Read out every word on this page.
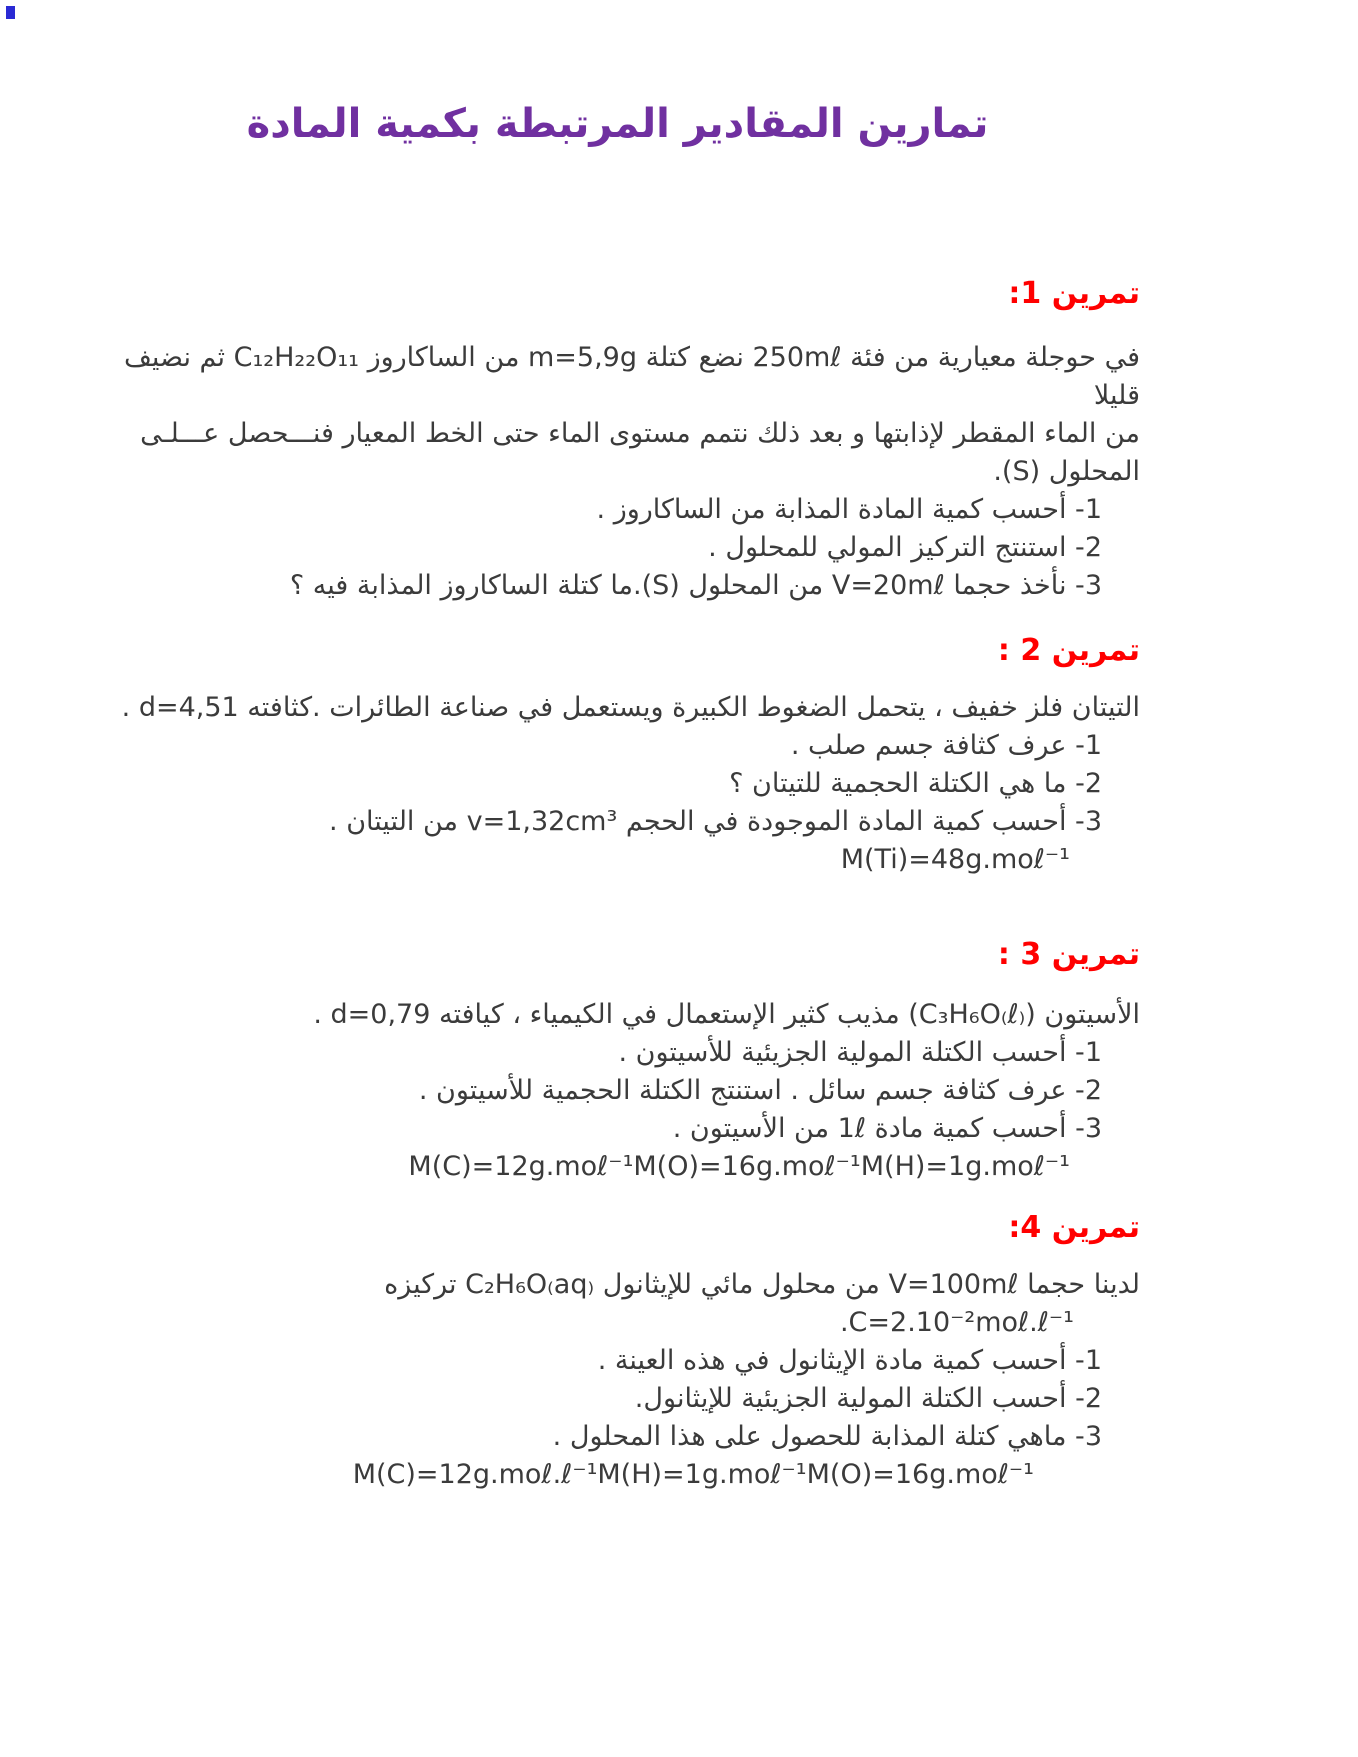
تمارين المقادير المرتبطة بكمية المادة
تمرين 1:

في حوجلة معيارية من فئة 250mℓ نضع كتلة m=5,9g من الساكاروز C₁₂H₂₂O₁₁ ثم نضيف قليلا

من الماء المقطر لإذابتها و بعد ذلك نتمم مستوى الماء حتى الخط المعيار فنـــحصل عـــلـى

المحلول (S).

1- أحسب كمية المادة المذابة من الساكاروز .

2- استنتج التركيز المولي للمحلول .

3- نأخذ حجما V=20mℓ من المحلول (S).ما كتلة الساكاروز المذابة فيه ؟

تمرين 2 :

التيتان فلز خفيف ، يتحمل الضغوط الكبيرة ويستعمل في صناعة الطائرات .كثافته d=4,51 .

1- عرف كثافة جسم صلب .

2- ما هي الكتلة الحجمية للتيتان ؟

3- أحسب كمية المادة الموجودة في الحجم v=1,32cm³ من التيتان .

M(Ti)=48g.moℓ⁻¹

تمرين 3 :

الأسيتون (C₃H₆O₍ℓ₎) مذيب كثير الإستعمال في الكيمياء ، كيافته d=0,79 .

1- أحسب الكتلة المولية الجزيئية للأسيتون .

2- عرف كثافة جسم سائل . استنتج الكتلة الحجمية للأسيتون .

3- أحسب كمية مادة 1ℓ من الأسيتون .

M(C)=12g.moℓ⁻¹M(O)=16g.moℓ⁻¹M(H)=1g.moℓ⁻¹

تمرين 4:

لدينا حجما V=100mℓ من محلول مائي للإيثانول C₂H₆O₍aq₎ تركيزه

.C=2.10⁻²moℓ.ℓ⁻¹

1- أحسب كمية مادة الإيثانول في هذه العينة .

2- أحسب الكتلة المولية الجزيئية للإيثانول.

3- ماهي كتلة المذابة للحصول على هذا المحلول .

M(C)=12g.moℓ.ℓ⁻¹M(H)=1g.moℓ⁻¹M(O)=16g.moℓ⁻¹
